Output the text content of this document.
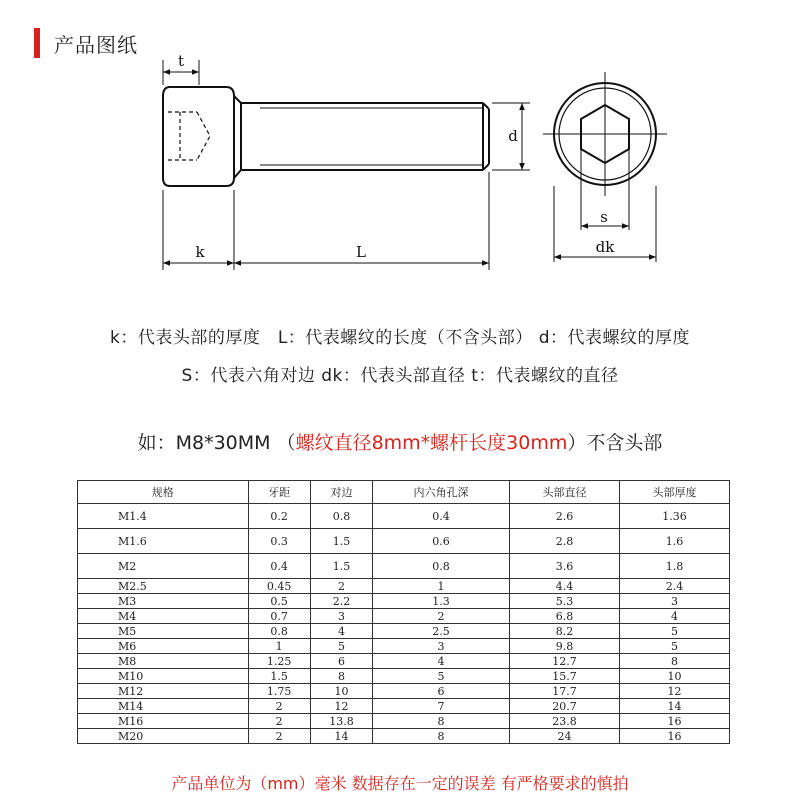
产品图纸
t
k	L
d
s
dk
k：代表头部的厚度　L：代表螺纹的长度（不含头部） d：代表螺纹的厚度
S：代表六角对边 dk：代表头部直径 t：代表螺纹的直径
如：M8*30MM （螺纹直径8mm*螺杆长度30mm）不含头部
规格	牙距	对边	内六角孔深	头部直径	头部厚度
M1.4	0.2	0.8	0.4	2.6	1.36
M1.6	0.3	1.5	0.6	2.8	1.6
M2	0.4	1.5	0.8	3.6	1.8
M2.5	0.45	2	1	4.4	2.4
M3	0.5	2.2	1.3	5.3	3
M4	0.7	3	2	6.8	4
M5	0.8	4	2.5	8.2	5
M6	1	5	3	9.8	5
M8	1.25	6	4	12.7	8
M10	1.5	8	5	15.7	10
M12	1.75	10	6	17.7	12
M14	2	12	7	20.7	14
M16	2	13.8	8	23.8	16
M20	2	14	8	24	16
产品单位为（mm）毫米 数据存在一定的误差 有严格要求的慎拍
